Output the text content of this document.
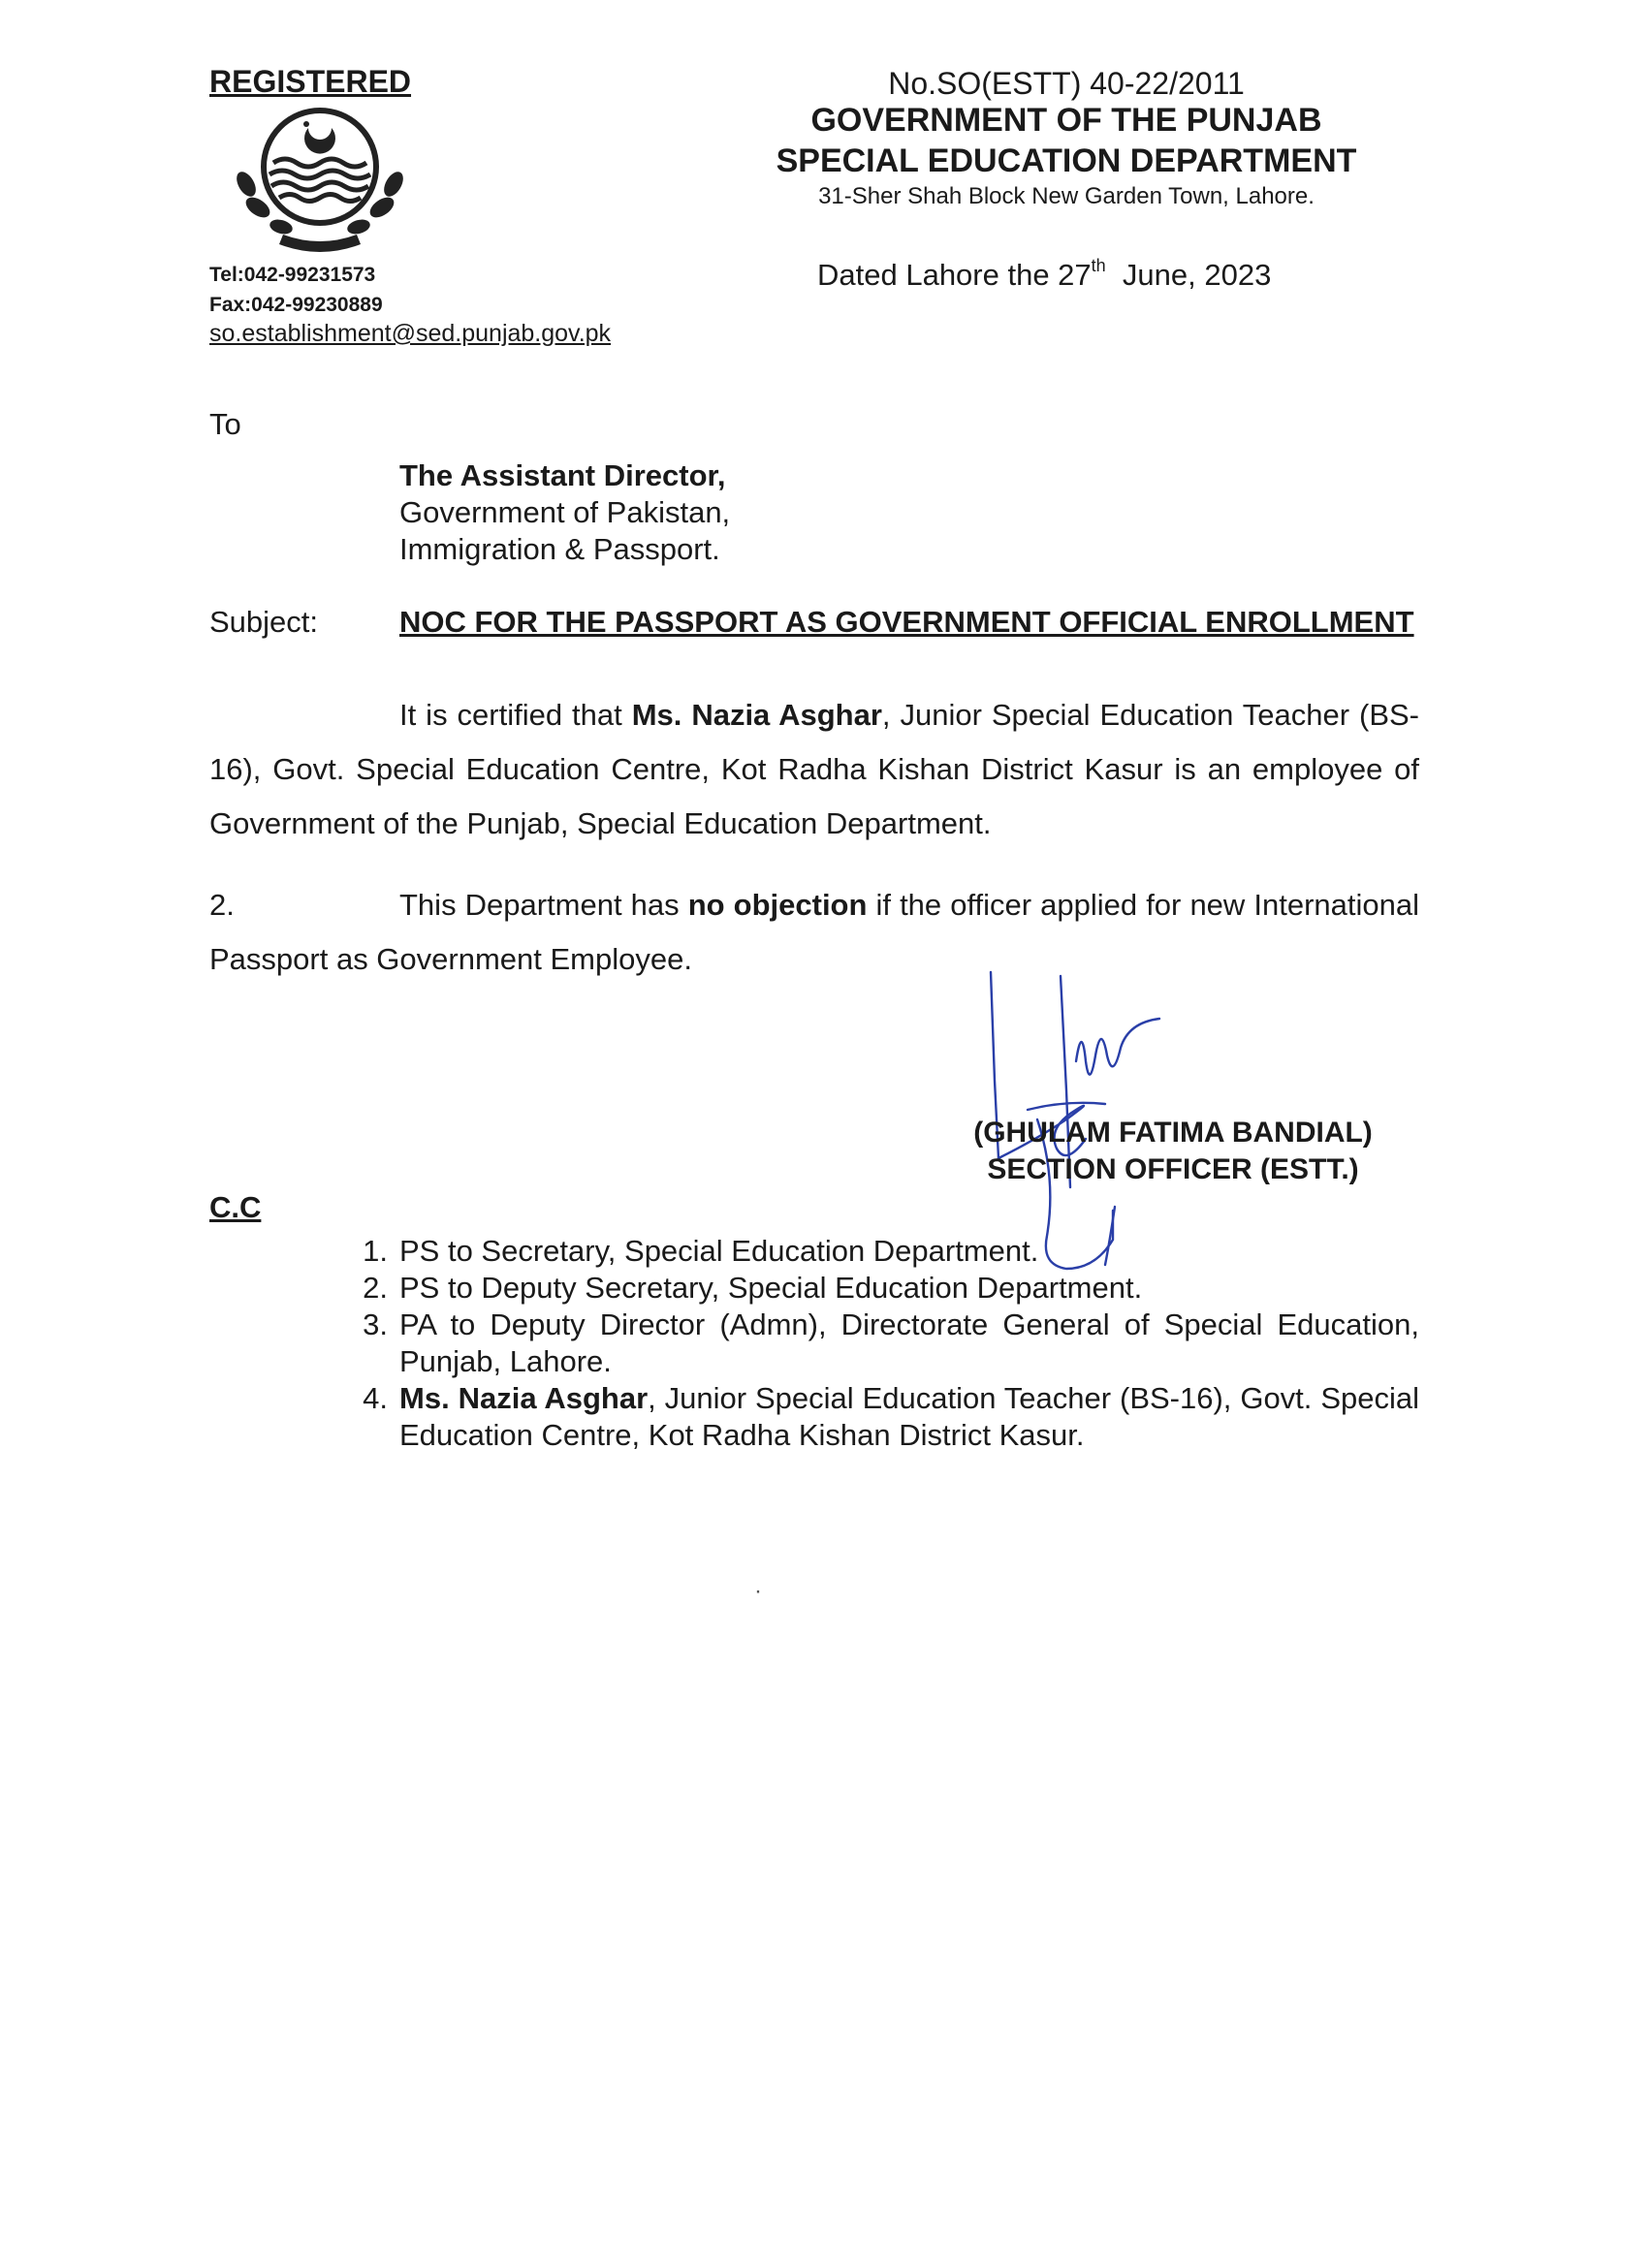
REGISTERED
Tel:042-99231573
Fax:042-99230889
so.establishment@sed.punjab.gov.pk
No.SO(ESTT) 40-22/2011
GOVERNMENT OF THE PUNJAB
SPECIAL EDUCATION DEPARTMENT
31-Sher Shah Block New Garden Town, Lahore.
Dated Lahore the 27th June, 2023
To
The Assistant Director,
Government of Pakistan,
Immigration & Passport.
Subject:	NOC FOR THE PASSPORT AS GOVERNMENT OFFICIAL ENROLLMENT
It is certified that Ms. Nazia Asghar, Junior Special Education Teacher (BS-16), Govt. Special Education Centre, Kot Radha Kishan District Kasur is an employee of Government of the Punjab, Special Education Department.
2.	This Department has no objection if the officer applied for new International Passport as Government Employee.
(GHULAM FATIMA BANDIAL)
SECTION OFFICER (ESTT.)
C.C

1. PS to Secretary, Special Education Department.

2. PS to Deputy Secretary, Special Education Department.

3. PA to Deputy Director (Admn), Directorate General of Special Education, Punjab, Lahore.

4. Ms. Nazia Asghar, Junior Special Education Teacher (BS-16), Govt. Special Education Centre, Kot Radha Kishan District Kasur.

·
